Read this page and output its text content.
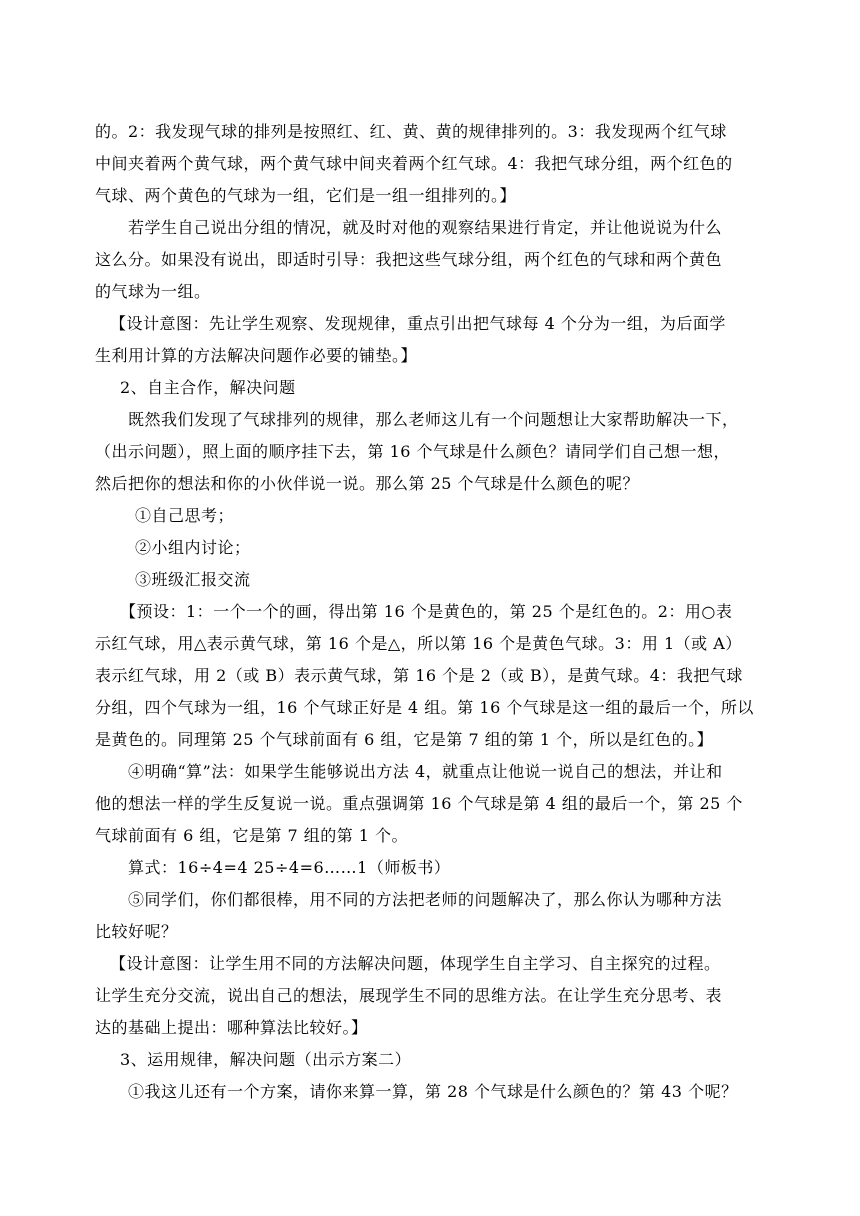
的。2：我发现气球的排列是按照红、红、黄、黄的规律排列的。3：我发现两个红气球
中间夹着两个黄气球，两个黄气球中间夹着两个红气球。4：我把气球分组，两个红色的
气球、两个黄色的气球为一组，它们是一组一组排列的。】
若学生自己说出分组的情况，就及时对他的观察结果进行肯定，并让他说说为什么
这么分。如果没有说出，即适时引导：我把这些气球分组，两个红色的气球和两个黄色
的气球为一组。
【设计意图：先让学生观察、发现规律，重点引出把气球每 4 个分为一组，为后面学
生利用计算的方法解决问题作必要的铺垫。】
2、自主合作，解决问题
既然我们发现了气球排列的规律，那么老师这儿有一个问题想让大家帮助解决一下，
（出示问题），照上面的顺序挂下去，第 16 个气球是什么颜色？请同学们自己想一想，
然后把你的想法和你的小伙伴说一说。那么第 25 个气球是什么颜色的呢？
①自己思考；
②小组内讨论；
③班级汇报交流
【预设：1：一个一个的画，得出第 16 个是黄色的，第 25 个是红色的。2：用○表
示红气球，用△表示黄气球，第 16 个是△，所以第 16 个是黄色气球。3：用 1（或 A）
表示红气球，用 2（或 B）表示黄气球，第 16 个是 2（或 B），是黄气球。4：我把气球
分组，四个气球为一组，16 个气球正好是 4 组。第 16 个气球是这一组的最后一个，所以
是黄色的。同理第 25 个气球前面有 6 组，它是第 7 组的第 1 个，所以是红色的。】
④明确“算”法：如果学生能够说出方法 4，就重点让他说一说自己的想法，并让和
他的想法一样的学生反复说一说。重点强调第 16 个气球是第 4 组的最后一个，第 25 个
气球前面有 6 组，它是第 7 组的第 1 个。
算式：16÷4=4 25÷4=6……1（师板书）
⑤同学们，你们都很棒，用不同的方法把老师的问题解决了，那么你认为哪种方法
比较好呢？
【设计意图：让学生用不同的方法解决问题，体现学生自主学习、自主探究的过程。
让学生充分交流，说出自己的想法，展现学生不同的思维方法。在让学生充分思考、表
达的基础上提出：哪种算法比较好。】
3、运用规律，解决问题（出示方案二）
①我这儿还有一个方案，请你来算一算，第 28 个气球是什么颜色的？第 43 个呢？
